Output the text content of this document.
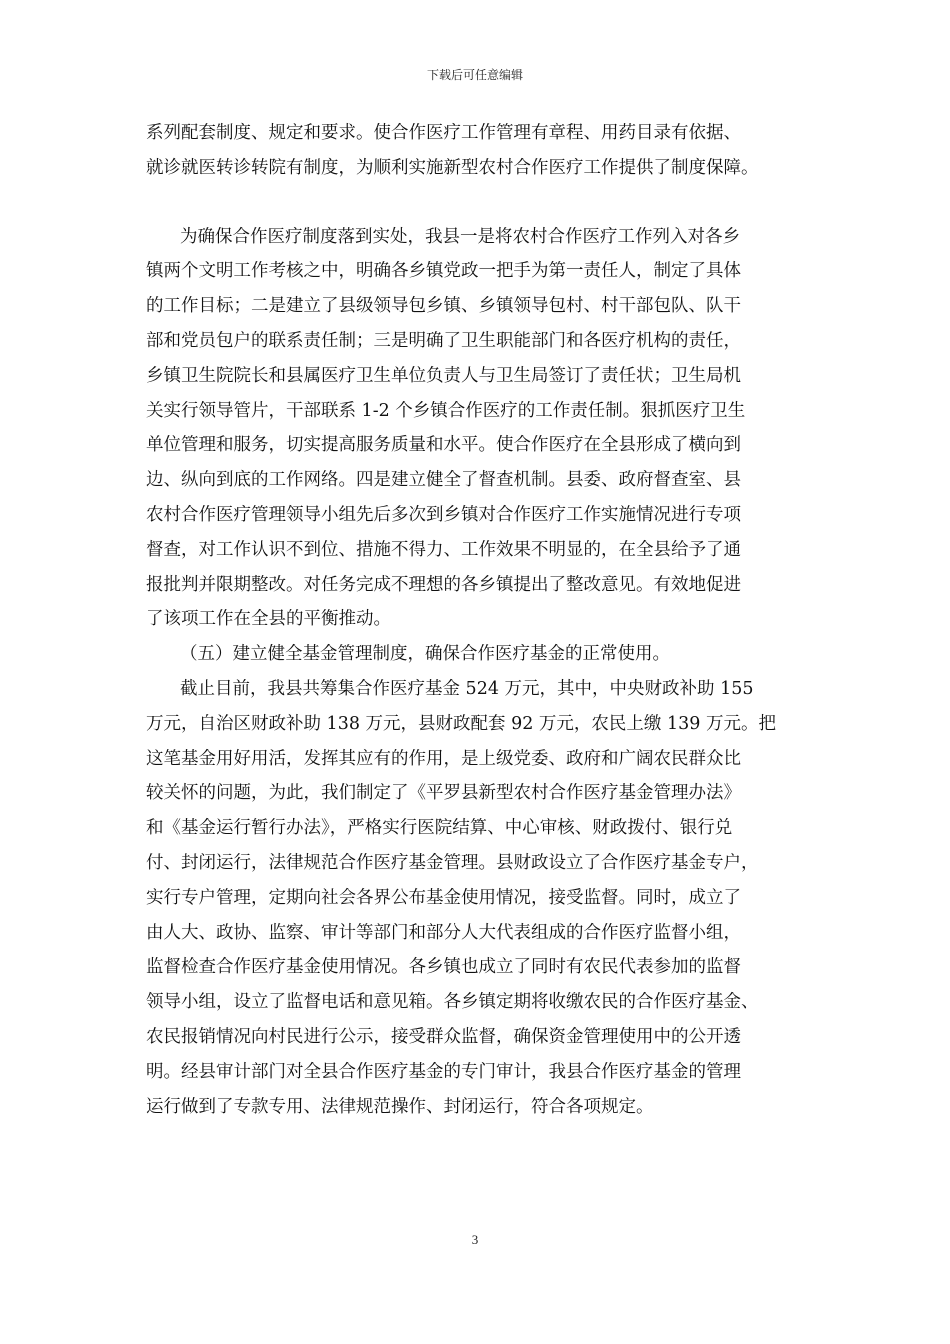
下载后可任意编辑
系列配套制度、规定和要求。使合作医疗工作管理有章程、用药目录有依据、
就诊就医转诊转院有制度，为顺利实施新型农村合作医疗工作提供了制度保障。
为确保合作医疗制度落到实处，我县一是将农村合作医疗工作列入对各乡
镇两个文明工作考核之中，明确各乡镇党政一把手为第一责任人，制定了具体
的工作目标；二是建立了县级领导包乡镇、乡镇领导包村、村干部包队、队干
部和党员包户的联系责任制；三是明确了卫生职能部门和各医疗机构的责任，
乡镇卫生院院长和县属医疗卫生单位负责人与卫生局签订了责任状；卫生局机
关实行领导管片，干部联系 1-2 个乡镇合作医疗的工作责任制。狠抓医疗卫生
单位管理和服务，切实提高服务质量和水平。使合作医疗在全县形成了横向到
边、纵向到底的工作网络。四是建立健全了督查机制。县委、政府督查室、县
农村合作医疗管理领导小组先后多次到乡镇对合作医疗工作实施情况进行专项
督查，对工作认识不到位、措施不得力、工作效果不明显的，在全县给予了通
报批判并限期整改。对任务完成不理想的各乡镇提出了整改意见。有效地促进
了该项工作在全县的平衡推动。
（五）建立健全基金管理制度，确保合作医疗基金的正常使用。
截止目前，我县共筹集合作医疗基金 524 万元，其中，中央财政补助 155
万元，自治区财政补助 138 万元，县财政配套 92 万元，农民上缴 139 万元。把
这笔基金用好用活，发挥其应有的作用，是上级党委、政府和广阔农民群众比
较关怀的问题，为此，我们制定了《平罗县新型农村合作医疗基金管理办法》
和《基金运行暂行办法》，严格实行医院结算、中心审核、财政拨付、银行兑
付、封闭运行，法律规范合作医疗基金管理。县财政设立了合作医疗基金专户，
实行专户管理，定期向社会各界公布基金使用情况，接受监督。同时，成立了
由人大、政协、监察、审计等部门和部分人大代表组成的合作医疗监督小组，
监督检查合作医疗基金使用情况。各乡镇也成立了同时有农民代表参加的监督
领导小组，设立了监督电话和意见箱。各乡镇定期将收缴农民的合作医疗基金、
农民报销情况向村民进行公示，接受群众监督，确保资金管理使用中的公开透
明。经县审计部门对全县合作医疗基金的专门审计，我县合作医疗基金的管理
运行做到了专款专用、法律规范操作、封闭运行，符合各项规定。
3
